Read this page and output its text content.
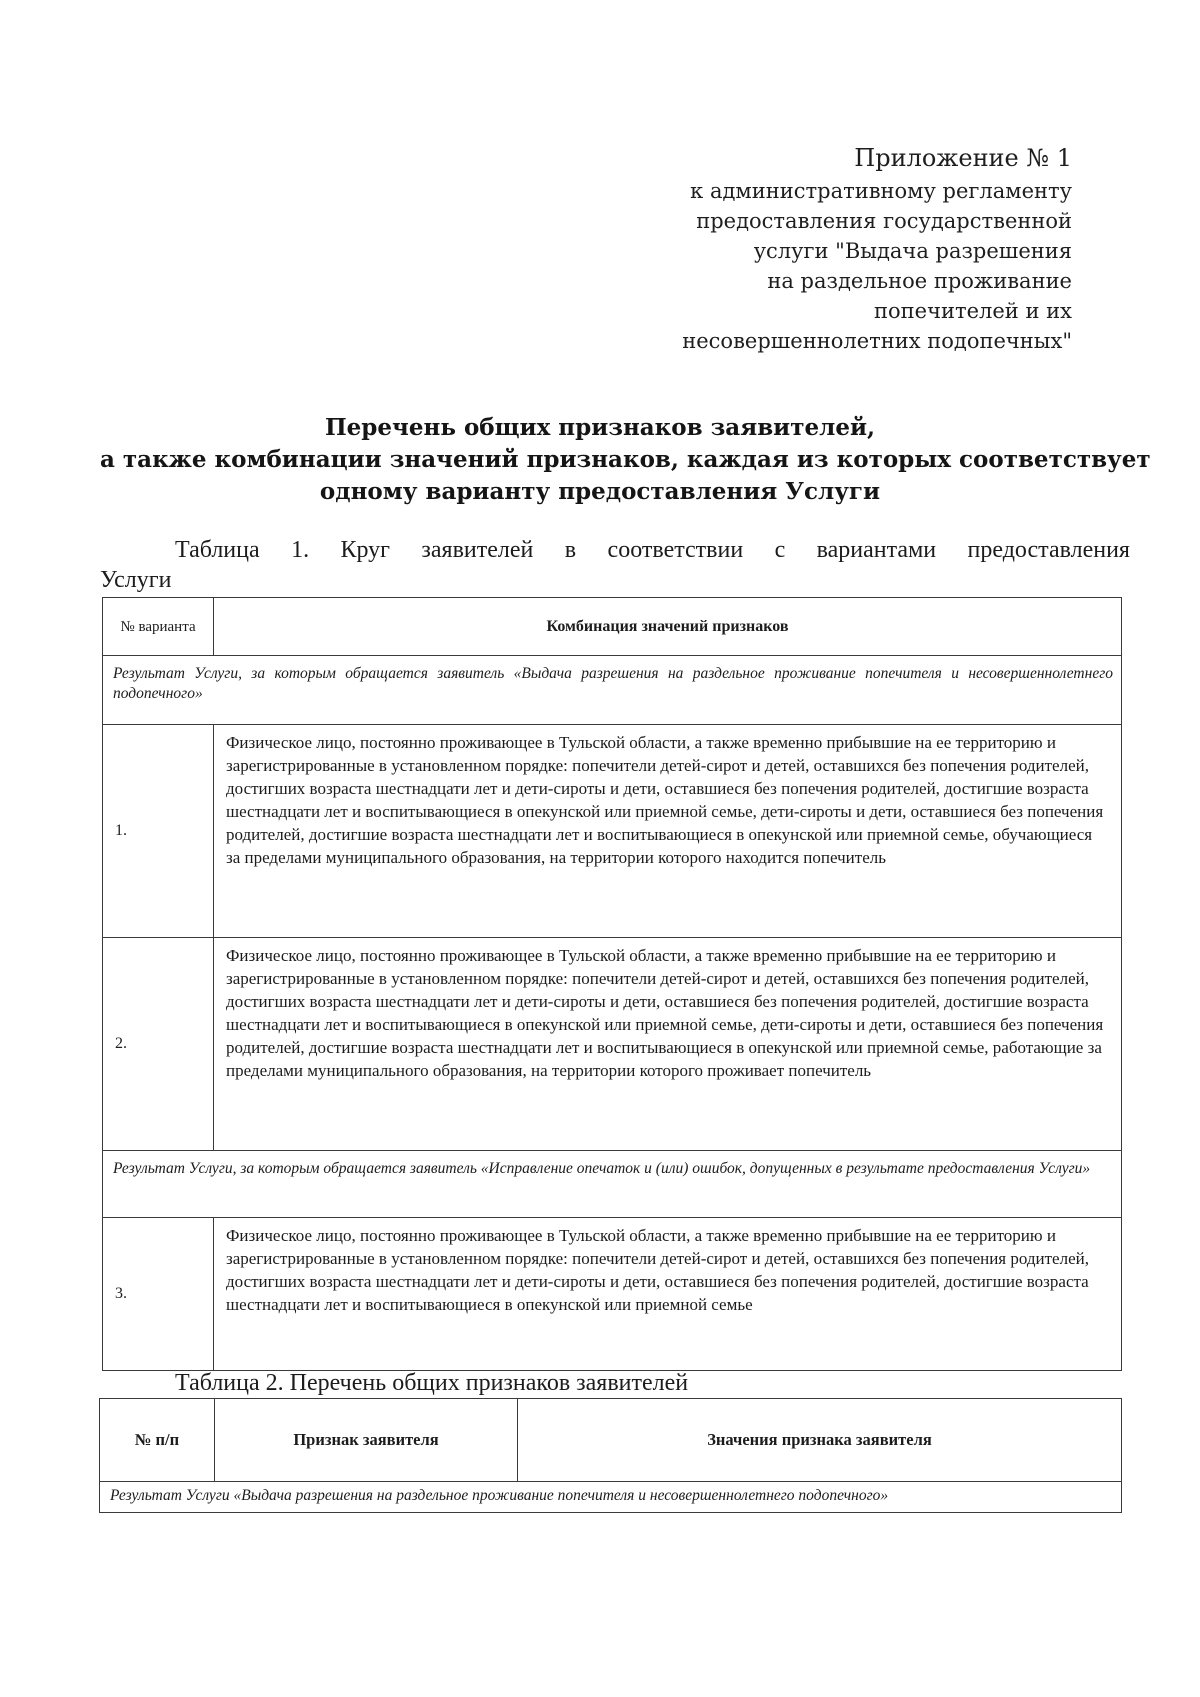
Приложение № 1
к административному регламенту
предоставления государственной
услуги "Выдача разрешения
на раздельное проживание
попечителей и их
несовершеннолетних подопечных"
Перечень общих признаков заявителей,
а также комбинации значений признаков, каждая из которых соответствует
одному варианту предоставления Услуги
Таблица 1. Круг заявителей в соответствии с вариантами предоставления
Услуги
№ варианта	Комбинация значений признаков
Результат Услуги, за которым обращается заявитель «Выдача разрешения на раздельное проживание попечителя и несовершеннолетнего подопечного»	
1.	Физическое лицо, постоянно проживающее в Тульской области, а также временно прибывшие на ее территорию и зарегистрированные в установленном порядке: попечители детей-сирот и детей, оставшихся без попечения родителей, достигших возраста шестнадцати лет и дети-сироты и дети, оставшиеся без попечения родителей, достигшие возраста шестнадцати лет и воспитывающиеся в опекунской или приемной семье, дети-сироты и дети, оставшиеся без попечения родителей, достигшие возраста шестнадцати лет и воспитывающиеся в опекунской или приемной семье, обучающиеся за пределами муниципального образования, на территории которого находится попечитель
2.	Физическое лицо, постоянно проживающее в Тульской области, а также временно прибывшие на ее территорию и зарегистрированные в установленном порядке: попечители детей-сирот и детей, оставшихся без попечения родителей, достигших возраста шестнадцати лет и дети-сироты и дети, оставшиеся без попечения родителей, достигшие возраста шестнадцати лет и воспитывающиеся в опекунской или приемной семье, дети-сироты и дети, оставшиеся без попечения родителей, достигшие возраста шестнадцати лет и воспитывающиеся в опекунской или приемной семье, работающие за пределами муниципального образования, на территории которого проживает попечитель
Результат Услуги, за которым обращается заявитель «Исправление опечаток и (или) ошибок, допущенных в результате предоставления Услуги»	
3.	Физическое лицо, постоянно проживающее в Тульской области, а также временно прибывшие на ее территорию и зарегистрированные в установленном порядке: попечители детей-сирот и детей, оставшихся без попечения родителей, достигших возраста шестнадцати лет и дети-сироты и дети, оставшиеся без попечения родителей, достигшие возраста шестнадцати лет и воспитывающиеся в опекунской или приемной семье
Таблица 2. Перечень общих признаков заявителей
№ п/п	Признак заявителя	Значения признака заявителя
Результат Услуги «Выдача разрешения на раздельное проживание попечителя и несовершеннолетнего подопечного»
